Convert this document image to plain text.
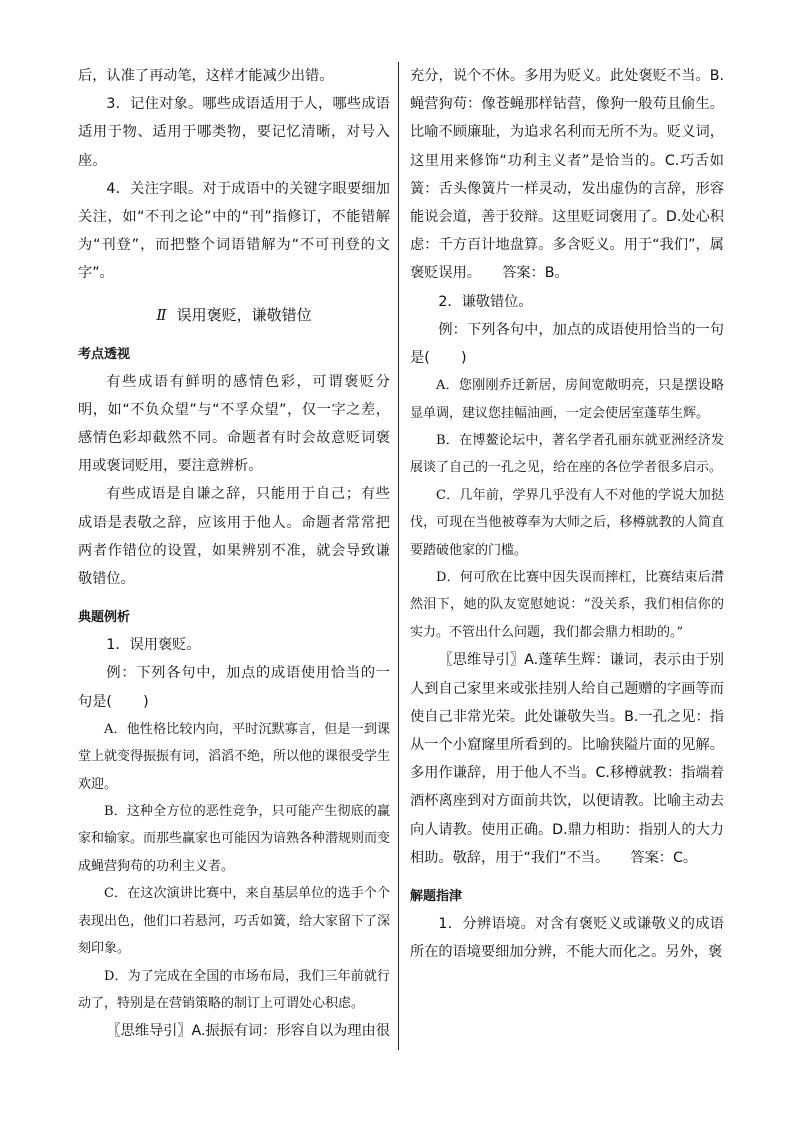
后，认准了再动笔，这样才能减少出错。

3．记住对象。哪些成语适用于人，哪些成语适用于物、适用于哪类物，要记忆清晰，对号入座。

4．关注字眼。对于成语中的关键字眼要细加关注，如“不刊之论”中的“刊”指修订，不能错解为“刊登”，而把整个词语错解为“不可刊登的文字”。

Ⅱ 误用褒贬，谦敬错位

考点透视

有些成语有鲜明的感情色彩，可谓褒贬分明，如“不负众望”与“不孚众望”，仅一字之差，感情色彩却截然不同。命题者有时会故意贬词褒用或褒词贬用，要注意辨析。

有些成语是自谦之辞，只能用于自己；有些成语是表敬之辞，应该用于他人。命题者常常把两者作错位的设置，如果辨别不准，就会导致谦敬错位。

典题例析

1．误用褒贬。

例：下列各句中，加点的成语使用恰当的一句是( )

A．他性格比较内向，平时沉默寡言，但是一到课堂上就变得振振有词，滔滔不绝，所以他的课很受学生欢迎。

B．这种全方位的恶性竞争，只可能产生彻底的赢家和输家。而那些赢家也可能因为谙熟各种潜规则而变成蝇营狗苟的功利主义者。

C．在这次演讲比赛中，来自基层单位的选手个个表现出色，他们口若悬河，巧舌如簧，给大家留下了深刻印象。

D．为了完成在全国的市场布局，我们三年前就行动了，特别是在营销策略的制订上可谓处心积虑。

〖思维导引〗A.振振有词：形容自以为理由很

充分，说个不休。多用为贬义。此处褒贬不当。B.蝇营狗苟：像苍蝇那样钻营，像狗一般苟且偷生。比喻不顾廉耻，为追求名利而无所不为。贬义词，这里用来修饰“功利主义者”是恰当的。C.巧舌如簧：舌头像簧片一样灵动，发出虚伪的言辞，形容能说会道，善于狡辩。这里贬词褒用了。D.处心积虑：千方百计地盘算。多含贬义。用于“我们”，属褒贬误用。　　答案：B。

2．谦敬错位。

例：下列各句中，加点的成语使用恰当的一句是( )

A．您刚刚乔迁新居，房间宽敞明亮，只是摆设略显单调，建议您挂幅油画，一定会使居室蓬荜生辉。

B．在博鳌论坛中，著名学者孔丽东就亚洲经济发展谈了自己的一孔之见，给在座的各位学者很多启示。

C．几年前，学界几乎没有人不对他的学说大加挞伐，可现在当他被尊奉为大师之后，移樽就教的人简直要踏破他家的门槛。

D．何可欣在比赛中因失误而摔杠，比赛结束后潸然泪下，她的队友宽慰她说：“没关系，我们相信你的实力。不管出什么问题，我们都会鼎力相助的。”

〖思维导引〗A.蓬荜生辉：谦词，表示由于别人到自己家里来或张挂别人给自己题赠的字画等而使自己非常光荣。此处谦敬失当。B.一孔之见：指从一个小窟窿里所看到的。比喻狭隘片面的见解。多用作谦辞，用于他人不当。C.移樽就教：指端着酒杯离座到对方面前共饮，以便请教。比喻主动去向人请教。使用正确。D.鼎力相助：指别人的大力相助。敬辞，用于“我们”不当。　　答案：C。

解题指津

1．分辨语境。对含有褒贬义或谦敬义的成语所在的语境要细加分辨，不能大而化之。另外，褒
